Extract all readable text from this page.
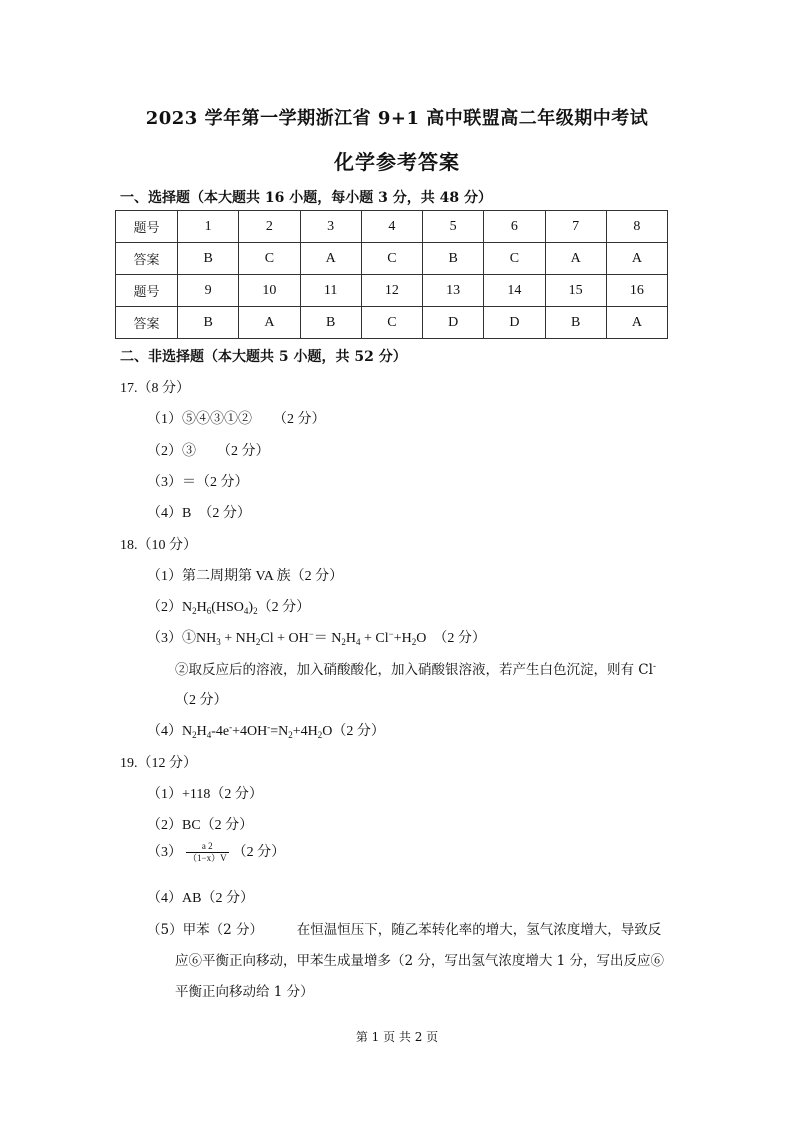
2023 学年第一学期浙江省 9+1 高中联盟高二年级期中考试
化学参考答案
一、选择题（本大题共 16 小题，每小题 3 分，共 48 分）
题号	1	2	3	4	5	6	7	8
答案	B	C	A	C	B	C	A	A
题号	9	10	11	12	13	14	15	16
答案	B	A	B	C	D	D	B	A
二、非选择题（本大题共 5 小题，共 52 分）
17.（8 分）
（1）⑤④③①②　　（2 分）
（2）③　　（2 分）
（3）＝（2 分）
（4）B　（2 分）
18.（10 分）
（1）第二周期第 VA 族（2 分）
$(2)N_2H_6(HSO_4)_2(2$ 分）
$(3)①NH_3 + NH_2Cl + OH^-= N_2H_4 + Cl^-+H_2O$　（2 分）
②取反应后的溶液，加入硝酸酸化，加入硝酸银溶液，若产生白色沉淀，则有 Cl-
（2 分）
$(4)N_2H_4-4e^-+4OH^-=N_2+4H_2O(2$ 分）
19.（12 分）
（1）+118（2 分）
（2）BC（2 分）
$(3) \frac{a 2}{(1-x)V} (2$ 分）
（4）AB（2 分）
（5）甲苯（2 分）　　　在恒温恒压下，随乙苯转化率的增大，氢气浓度增大，导致反
应⑥平衡正向移动，甲苯生成量增多（2 分，写出氢气浓度增大 1 分，写出反应⑥
平衡正向移动给 1 分）
第 1 页 共 2 页
